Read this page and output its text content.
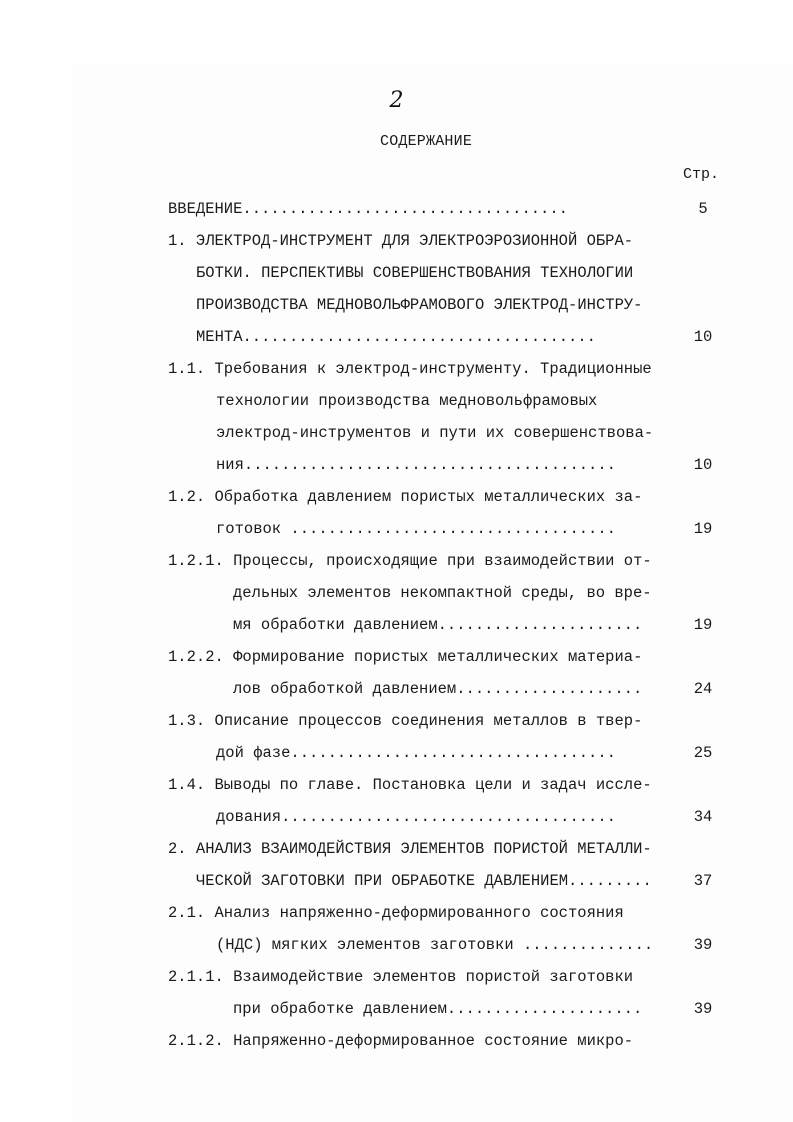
2
СОДЕРЖАНИЕ
Стр.
ВВЕДЕНИЕ...................................	5
1. ЭЛЕКТРОД-ИНСТРУМЕНТ ДЛЯ ЭЛЕКТРОЭРОЗИОННОЙ ОБРА-
БОТКИ. ПЕРСПЕКТИВЫ СОВЕРШЕНСТВОВАНИЯ ТЕХНОЛОГИИ
ПРОИЗВОДСТВА МЕДНОВОЛЬФРАМОВОГО ЭЛЕКТРОД-ИНСТРУ-
МЕНТА......................................	10
1.1. Требования к электрод-инструменту. Традиционные
технологии производства медновольфрамовых
электрод-инструментов и пути их совершенствова-
ния........................................	10
1.2. Обработка давлением пористых металлических за-
готовок ...................................	19
1.2.1. Процессы, происходящие при взаимодействии от-
дельных элементов некомпактной среды, во вре-
мя обработки давлением......................	19
1.2.2. Формирование пористых металлических материа-
лов обработкой давлением....................	24
1.3. Описание процессов соединения металлов в твер-
дой фазе...................................	25
1.4. Выводы по главе. Постановка цели и задач иссле-
дования....................................	34
2. АНАЛИЗ ВЗАИМОДЕЙСТВИЯ ЭЛЕМЕНТОВ ПОРИСТОЙ МЕТАЛЛИ-
ЧЕСКОЙ ЗАГОТОВКИ ПРИ ОБРАБОТКЕ ДАВЛЕНИЕМ.........	37
2.1. Анализ напряженно-деформированного состояния
(НДС) мягких элементов заготовки ..............	39
2.1.1. Взаимодействие элементов пористой заготовки
при обработке давлением.....................	39
2.1.2. Напряженно-деформированное состояние микро-
